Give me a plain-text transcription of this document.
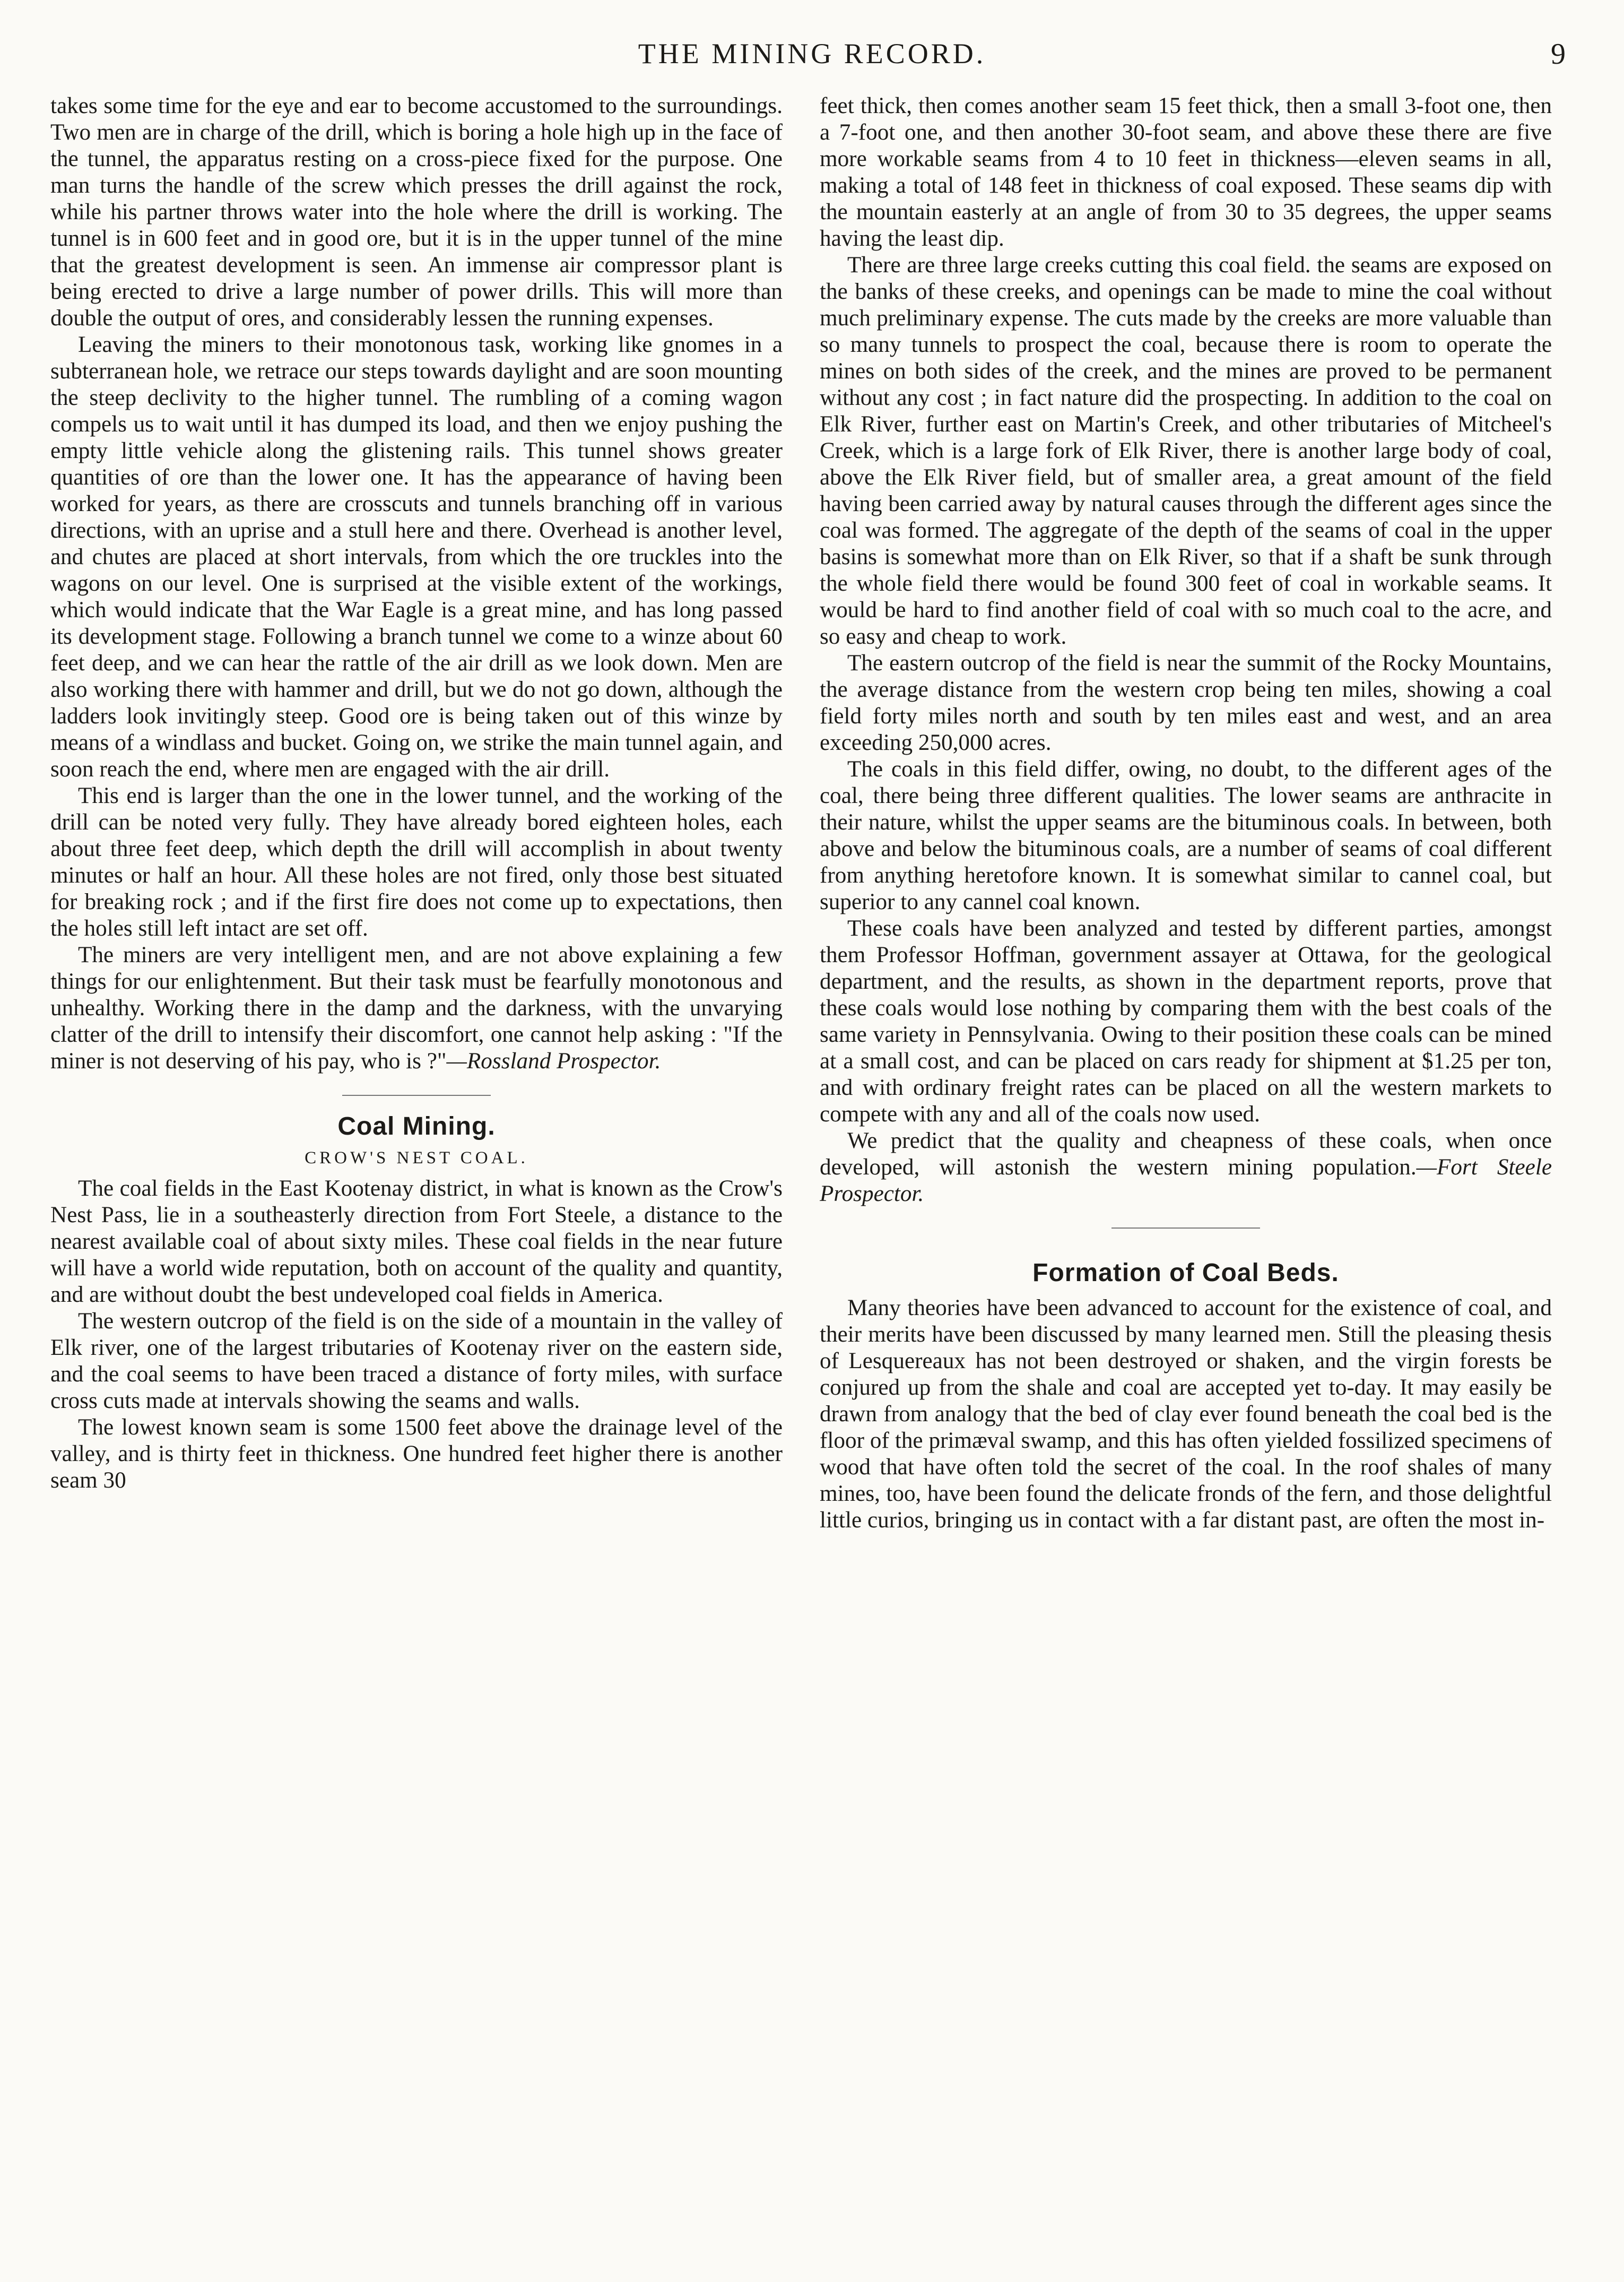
THE MINING RECORD.	9

takes some time for the eye and ear to become accustomed to the surroundings. Two men are in charge of the drill, which is boring a hole high up in the face of the tunnel, the apparatus resting on a cross-piece fixed for the purpose. One man turns the handle of the screw which presses the drill against the rock, while his partner throws water into the hole where the drill is working. The tunnel is in 600 feet and in good ore, but it is in the upper tunnel of the mine that the greatest development is seen. An immense air compressor plant is being erected to drive a large number of power drills. This will more than double the output of ores, and considerably lessen the running expenses.

Leaving the miners to their monotonous task, working like gnomes in a subterranean hole, we retrace our steps towards daylight and are soon mounting the steep declivity to the higher tunnel. The rumbling of a coming wagon compels us to wait until it has dumped its load, and then we enjoy pushing the empty little vehicle along the glistening rails. This tunnel shows greater quantities of ore than the lower one. It has the appearance of having been worked for years, as there are crosscuts and tunnels branching off in various directions, with an uprise and a stull here and there. Overhead is another level, and chutes are placed at short intervals, from which the ore truckles into the wagons on our level. One is surprised at the visible extent of the workings, which would indicate that the War Eagle is a great mine, and has long passed its development stage. Following a branch tunnel we come to a winze about 60 feet deep, and we can hear the rattle of the air drill as we look down. Men are also working there with hammer and drill, but we do not go down, although the ladders look invitingly steep. Good ore is being taken out of this winze by means of a windlass and bucket. Going on, we strike the main tunnel again, and soon reach the end, where men are engaged with the air drill.

This end is larger than the one in the lower tunnel, and the working of the drill can be noted very fully. They have already bored eighteen holes, each about three feet deep, which depth the drill will accomplish in about twenty minutes or half an hour. All these holes are not fired, only those best situated for breaking rock ; and if the first fire does not come up to expectations, then the holes still left intact are set off.

The miners are very intelligent men, and are not above explaining a few things for our enlightenment. But their task must be fearfully monotonous and unhealthy. Working there in the damp and the darkness, with the unvarying clatter of the drill to intensify their discomfort, one cannot help asking : "If the miner is not deserving of his pay, who is ?"—Rossland Prospector.

Coal Mining.
CROW'S NEST COAL.

The coal fields in the East Kootenay district, in what is known as the Crow's Nest Pass, lie in a southeasterly direction from Fort Steele, a distance to the nearest available coal of about sixty miles. These coal fields in the near future will have a world wide reputation, both on account of the quality and quantity, and are without doubt the best undeveloped coal fields in America.

The western outcrop of the field is on the side of a mountain in the valley of Elk river, one of the largest tributaries of Kootenay river on the eastern side, and the coal seems to have been traced a distance of forty miles, with surface cross cuts made at intervals showing the seams and walls.

The lowest known seam is some 1500 feet above the drainage level of the valley, and is thirty feet in thickness. One hundred feet higher there is another seam 30

feet thick, then comes another seam 15 feet thick, then a small 3-foot one, then a 7-foot one, and then another 30-foot seam, and above these there are five more workable seams from 4 to 10 feet in thickness—eleven seams in all, making a total of 148 feet in thickness of coal exposed. These seams dip with the mountain easterly at an angle of from 30 to 35 degrees, the upper seams having the least dip.

There are three large creeks cutting this coal field. the seams are exposed on the banks of these creeks, and openings can be made to mine the coal without much preliminary expense. The cuts made by the creeks are more valuable than so many tunnels to prospect the coal, because there is room to operate the mines on both sides of the creek, and the mines are proved to be permanent without any cost ; in fact nature did the prospecting. In addition to the coal on Elk River, further east on Martin's Creek, and other tributaries of Mitcheel's Creek, which is a large fork of Elk River, there is another large body of coal, above the Elk River field, but of smaller area, a great amount of the field having been carried away by natural causes through the different ages since the coal was formed. The aggregate of the depth of the seams of coal in the upper basins is somewhat more than on Elk River, so that if a shaft be sunk through the whole field there would be found 300 feet of coal in workable seams. It would be hard to find another field of coal with so much coal to the acre, and so easy and cheap to work.

The eastern outcrop of the field is near the summit of the Rocky Mountains, the average distance from the western crop being ten miles, showing a coal field forty miles north and south by ten miles east and west, and an area exceeding 250,000 acres.

The coals in this field differ, owing, no doubt, to the different ages of the coal, there being three different qualities. The lower seams are anthracite in their nature, whilst the upper seams are the bituminous coals. In between, both above and below the bituminous coals, are a number of seams of coal different from anything heretofore known. It is somewhat similar to cannel coal, but superior to any cannel coal known.

These coals have been analyzed and tested by different parties, amongst them Professor Hoffman, government assayer at Ottawa, for the geological department, and the results, as shown in the department reports, prove that these coals would lose nothing by comparing them with the best coals of the same variety in Pennsylvania. Owing to their position these coals can be mined at a small cost, and can be placed on cars ready for shipment at $1.25 per ton, and with ordinary freight rates can be placed on all the western markets to compete with any and all of the coals now used.

We predict that the quality and cheapness of these coals, when once developed, will astonish the western mining population.—Fort Steele Prospector.

Formation of Coal Beds.

Many theories have been advanced to account for the existence of coal, and their merits have been discussed by many learned men. Still the pleasing thesis of Lesquereaux has not been destroyed or shaken, and the virgin forests be conjured up from the shale and coal are accepted yet to-day. It may easily be drawn from analogy that the bed of clay ever found beneath the coal bed is the floor of the primæval swamp, and this has often yielded fossilized specimens of wood that have often told the secret of the coal. In the roof shales of many mines, too, have been found the delicate fronds of the fern, and those delightful little curios, bringing us in contact with a far distant past, are often the most in-
